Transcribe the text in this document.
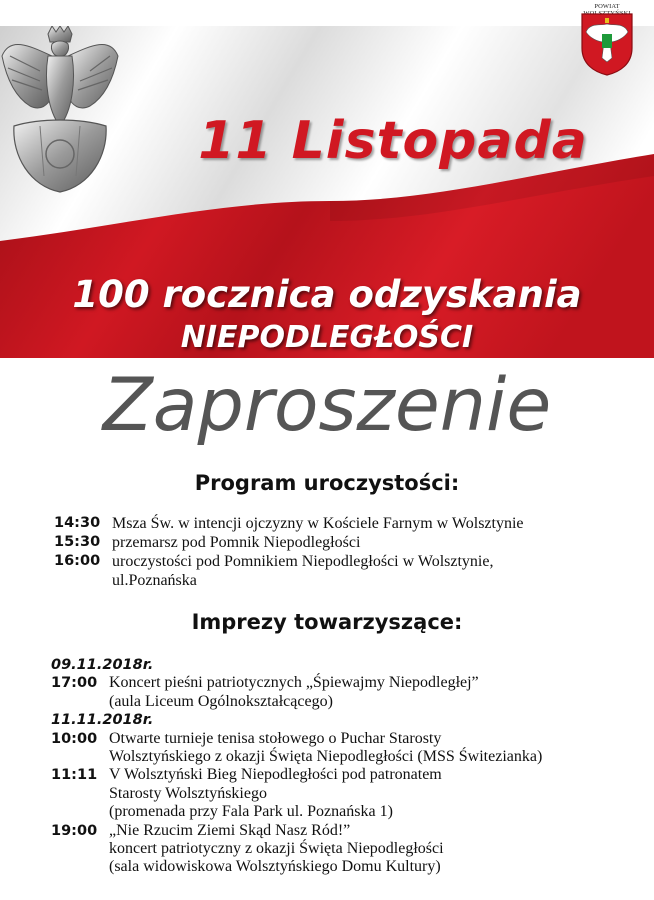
11 Listopada
100 rocznica odzyskania
NIEPODLEGŁOŚCI
POWIAT
Zaproszenie
Program uroczystości:
14:30 Msza Św. w intencji ojczyzny w Kościele Farnym w Wolsztynie
15:30 przemarsz pod Pomnik Niepodległości
16:00 uroczystości pod Pomnikiem Niepodległości w Wolsztynie,
ul.Poznańska
Imprezy towarzyszące:
09.11.2018r.
17:00 Koncert pieśni patriotycznych „Śpiewajmy Niepodległej”
(aula Liceum Ogólnokształcącego)
11.11.2018r.
10:00 Otwarte turnieje tenisa stołowego o Puchar Starosty
Wolsztyńskiego z okazji Święta Niepodległości (MSS Świtezianka)
11:11 V Wolsztyński Bieg Niepodległości pod patronatem
Starosty Wolsztyńskiego
(promenada przy Fala Park ul. Poznańska 1)
19:00 „Nie Rzucim Ziemi Skąd Nasz Ród!”
koncert patriotyczny z okazji Święta Niepodległości
(sala widowiskowa Wolsztyńskiego Domu Kultury)
